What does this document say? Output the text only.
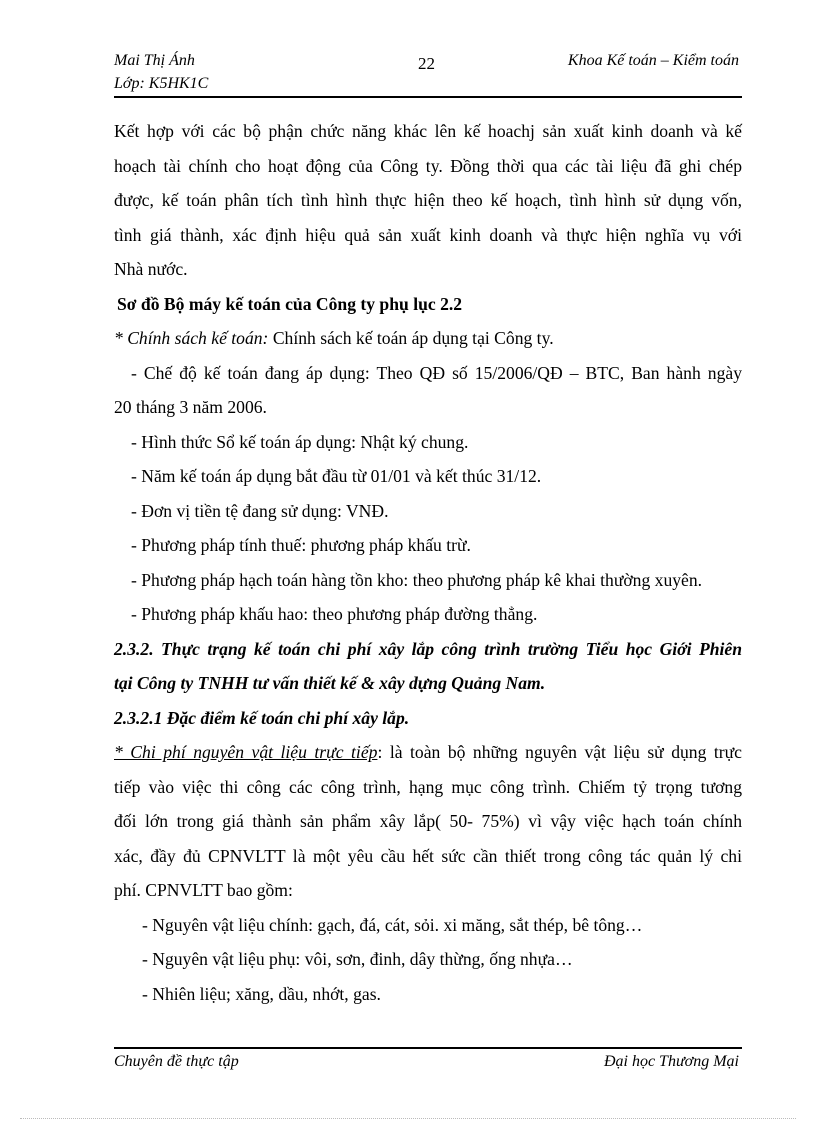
Mai Thị Ánh
Lớp: K5HK1C
22	Khoa Kế toán – Kiểm toán

Kết hợp với các bộ phận chức năng khác lên kế hoachj sản xuất kinh doanh và kế

hoạch tài chính cho hoạt động của Công ty. Đồng thời qua các tài liệu đã ghi chép

được, kế toán phân tích tình hình thực hiện theo kế hoạch, tình hình sử dụng vốn,

tình giá thành, xác định hiệu quả sản xuất kinh doanh và thực hiện nghĩa vụ với

Nhà nước.

Sơ đồ Bộ máy kế toán của Công ty phụ lục 2.2

* Chính sách kế toán: Chính sách kế toán áp dụng tại Công ty.

- Chế độ kế toán đang áp dụng: Theo QĐ số 15/2006/QĐ – BTC, Ban hành ngày

20 tháng 3 năm 2006.

- Hình thức Sổ kế toán áp dụng: Nhật ký chung.

- Năm kế toán áp dụng bắt đầu từ 01/01 và kết thúc 31/12.

- Đơn vị tiền tệ đang sử dụng: VNĐ.

- Phương pháp tính thuế: phương pháp khấu trừ.

- Phương pháp hạch toán hàng tồn kho: theo phương pháp kê khai thường xuyên.

- Phương pháp khấu hao: theo phương pháp đường thẳng.

2.3.2. Thực trạng kế toán chi phí xây lắp công trình trường Tiểu học Giới Phiên

tại Công ty TNHH tư vấn thiết kế & xây dựng Quảng Nam.

2.3.2.1 Đặc điểm kế toán chi phí xây lắp.

* Chi phí nguyên vật liệu trực tiếp: là toàn bộ những nguyên vật liệu sử dụng trực

tiếp vào việc thi công các công trình, hạng mục công trình. Chiếm tỷ trọng tương

đối lớn trong giá thành sản phẩm xây lắp( 50- 75%) vì vậy việc hạch toán chính

xác, đầy đủ CPNVLTT là một yêu cầu hết sức cần thiết trong công tác quản lý chi

phí. CPNVLTT bao gồm:

- Nguyên vật liệu chính: gạch, đá, cát, sỏi. xi măng, sắt thép, bê tông…

- Nguyên vật liệu phụ: vôi, sơn, đinh, dây thừng, ống nhựa…

- Nhiên liệu; xăng, dầu, nhớt, gas.

Chuyên đề thực tập	Đại học Thương Mại
